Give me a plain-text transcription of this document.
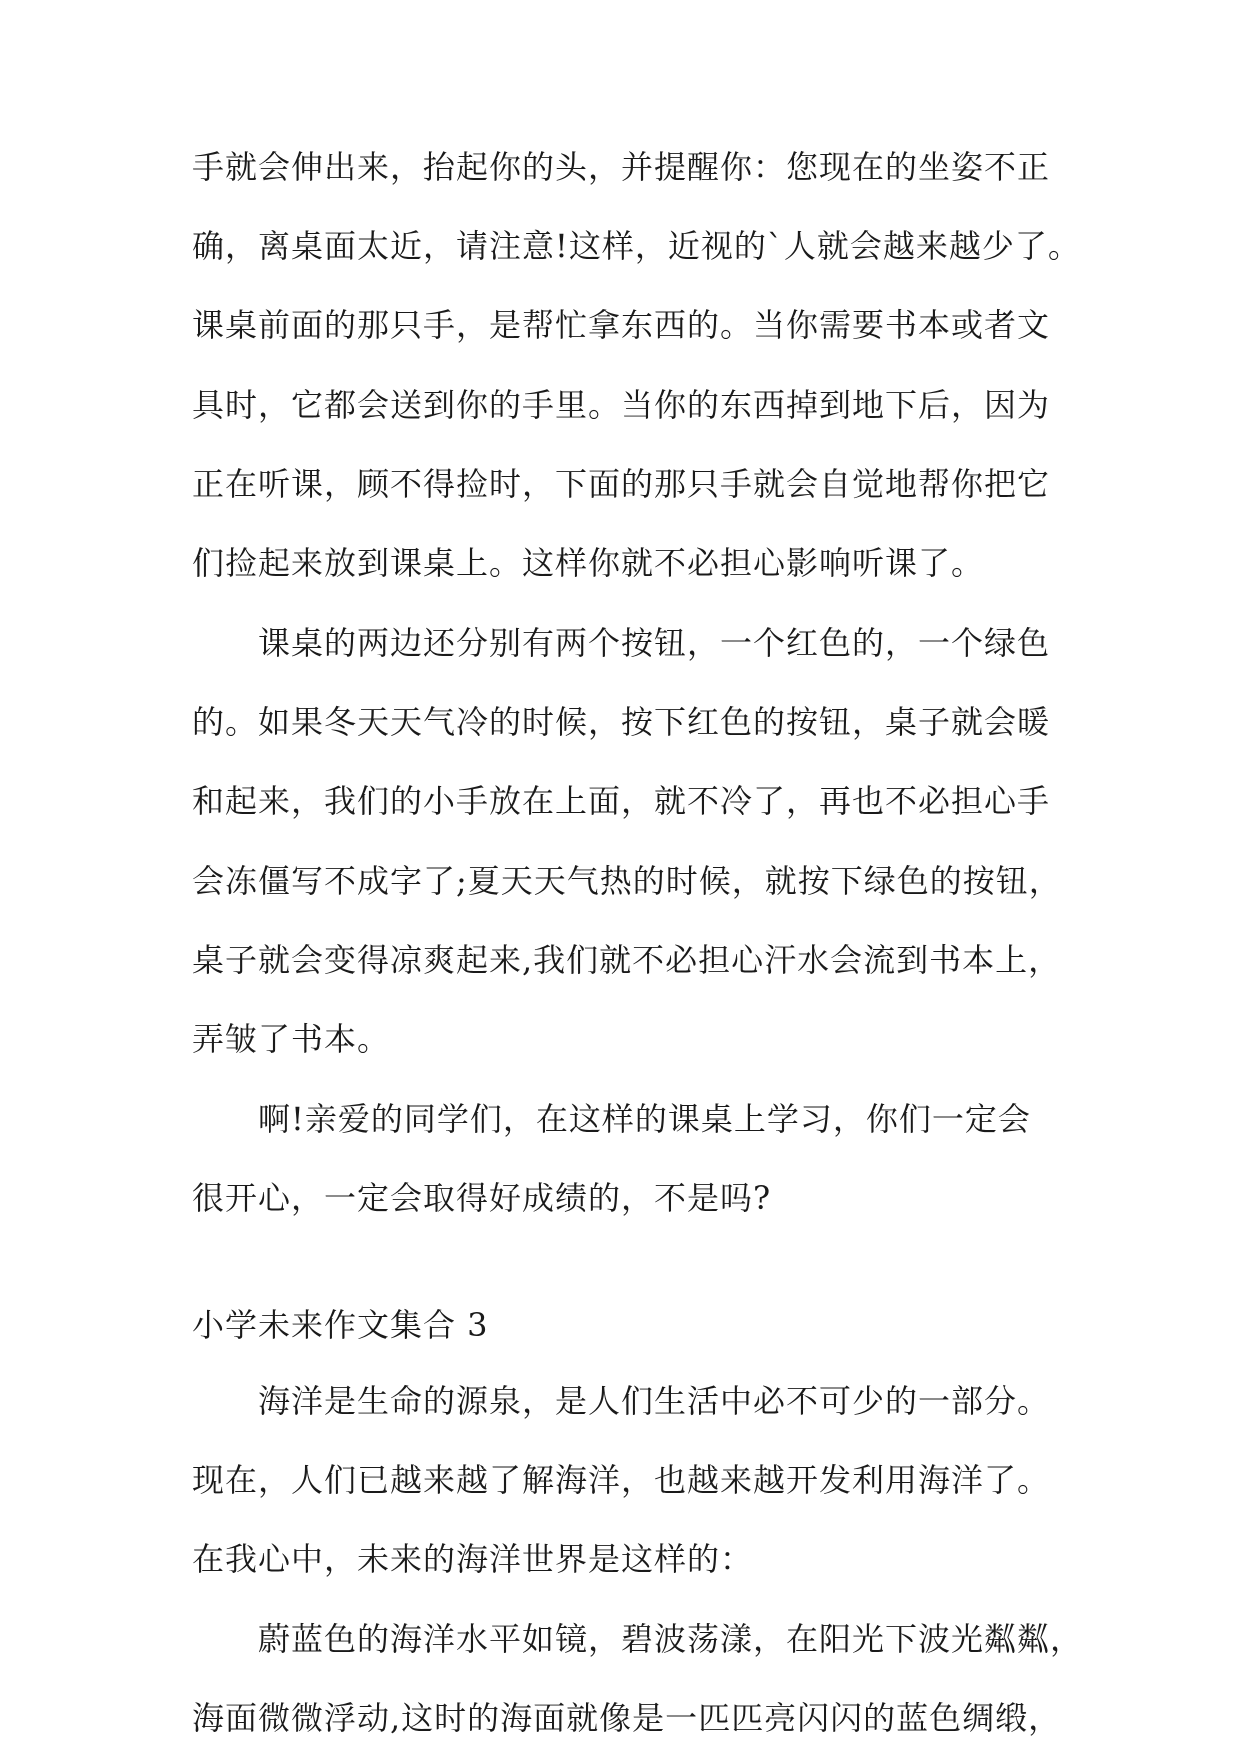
手就会伸出来，抬起你的头，并提醒你：您现在的坐姿不正
确，离桌面太近，请注意!这样，近视的`人就会越来越少了。
课桌前面的那只手，是帮忙拿东西的。当你需要书本或者文
具时，它都会送到你的手里。当你的东西掉到地下后，因为
正在听课，顾不得捡时，下面的那只手就会自觉地帮你把它
们捡起来放到课桌上。这样你就不必担心影响听课了。
课桌的两边还分别有两个按钮，一个红色的，一个绿色
的。如果冬天天气冷的时候，按下红色的按钮，桌子就会暖
和起来，我们的小手放在上面，就不冷了，再也不必担心手
会冻僵写不成字了;夏天天气热的时候，就按下绿色的按钮，
桌子就会变得凉爽起来,我们就不必担心汗水会流到书本上，
弄皱了书本。
啊!亲爱的同学们，在这样的课桌上学习，你们一定会
很开心，一定会取得好成绩的，不是吗?
小学未来作文集合 3
海洋是生命的源泉，是人们生活中必不可少的一部分。
现在，人们已越来越了解海洋，也越来越开发利用海洋了。
在我心中，未来的海洋世界是这样的：
蔚蓝色的海洋水平如镜，碧波荡漾，在阳光下波光粼粼，
海面微微浮动,这时的海面就像是一匹匹亮闪闪的蓝色绸缎，
